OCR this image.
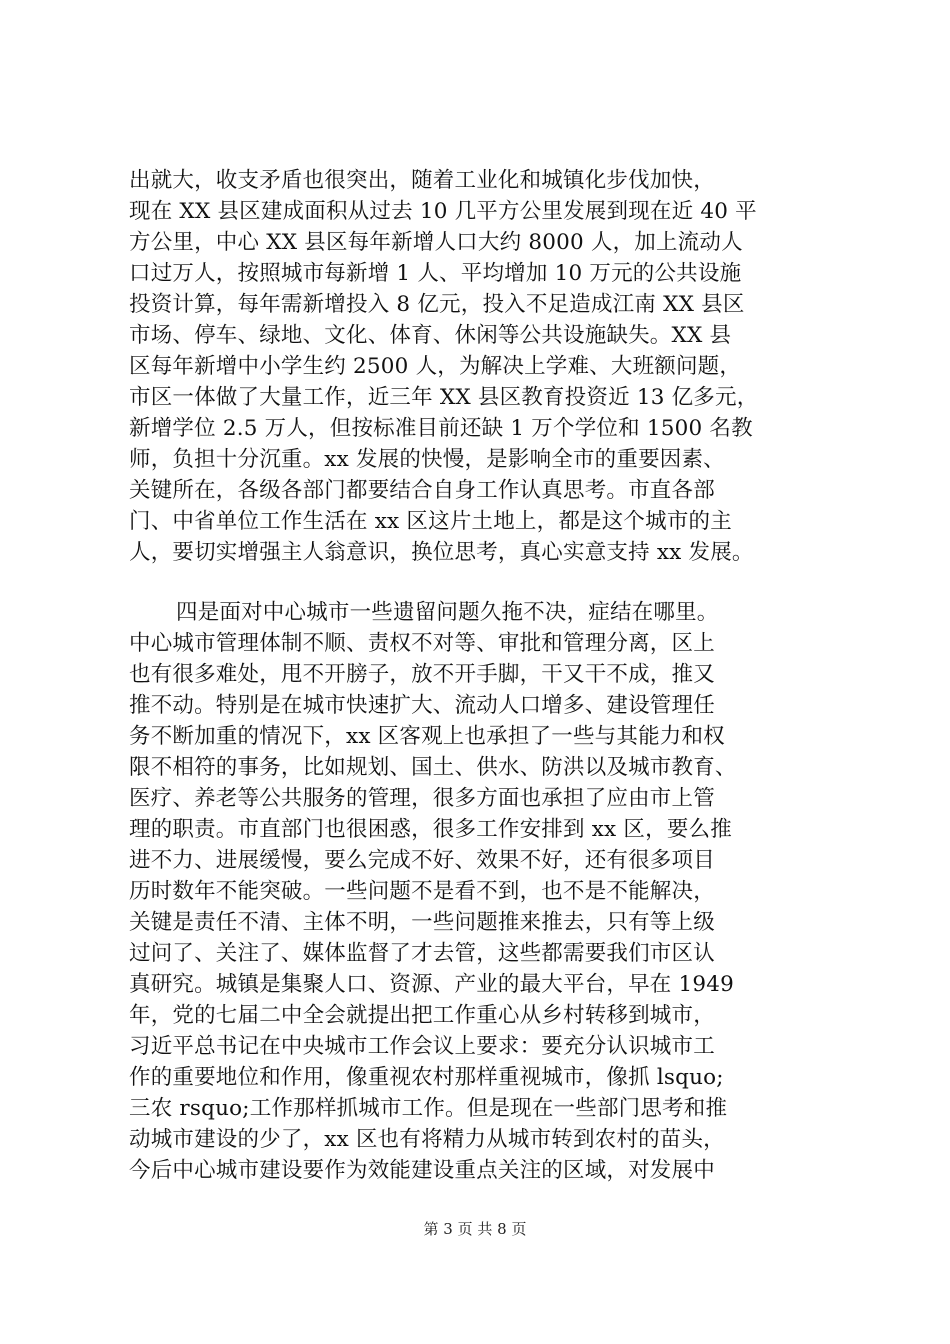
出就大，收支矛盾也很突出，随着工业化和城镇化步伐加快，
现在 XX 县区建成面积从过去 10 几平方公里发展到现在近 40 平
方公里，中心 XX 县区每年新增人口大约 8000 人，加上流动人
口过万人，按照城市每新增 1 人、平均增加 10 万元的公共设施
投资计算，每年需新增投入 8 亿元，投入不足造成江南 XX 县区
市场、停车、绿地、文化、体育、休闲等公共设施缺失。XX 县
区每年新增中小学生约 2500 人，为解决上学难、大班额问题，
市区一体做了大量工作，近三年 XX 县区教育投资近 13 亿多元，
新增学位 2.5 万人，但按标准目前还缺 1 万个学位和 1500 名教
师，负担十分沉重。xx 发展的快慢，是影响全市的重要因素、
关键所在，各级各部门都要结合自身工作认真思考。市直各部
门、中省单位工作生活在 xx 区这片土地上，都是这个城市的主
人，要切实增强主人翁意识，换位思考，真心实意支持 xx 发展。
四是面对中心城市一些遗留问题久拖不决，症结在哪里。
中心城市管理体制不顺、责权不对等、审批和管理分离，区上
也有很多难处，甩不开膀子，放不开手脚，干又干不成，推又
推不动。特别是在城市快速扩大、流动人口增多、建设管理任
务不断加重的情况下，xx 区客观上也承担了一些与其能力和权
限不相符的事务，比如规划、国土、供水、防洪以及城市教育、
医疗、养老等公共服务的管理，很多方面也承担了应由市上管
理的职责。市直部门也很困惑，很多工作安排到 xx 区，要么推
进不力、进展缓慢，要么完成不好、效果不好，还有很多项目
历时数年不能突破。一些问题不是看不到，也不是不能解决，
关键是责任不清、主体不明，一些问题推来推去，只有等上级
过问了、关注了、媒体监督了才去管，这些都需要我们市区认
真研究。城镇是集聚人口、资源、产业的最大平台，早在 1949
年，党的七届二中全会就提出把工作重心从乡村转移到城市，
习近平总书记在中央城市工作会议上要求：要充分认识城市工
作的重要地位和作用，像重视农村那样重视城市，像抓 lsquo;
三农 rsquo;工作那样抓城市工作。但是现在一些部门思考和推
动城市建设的少了，xx 区也有将精力从城市转到农村的苗头，
今后中心城市建设要作为效能建设重点关注的区域，对发展中
第 3 页 共 8 页
